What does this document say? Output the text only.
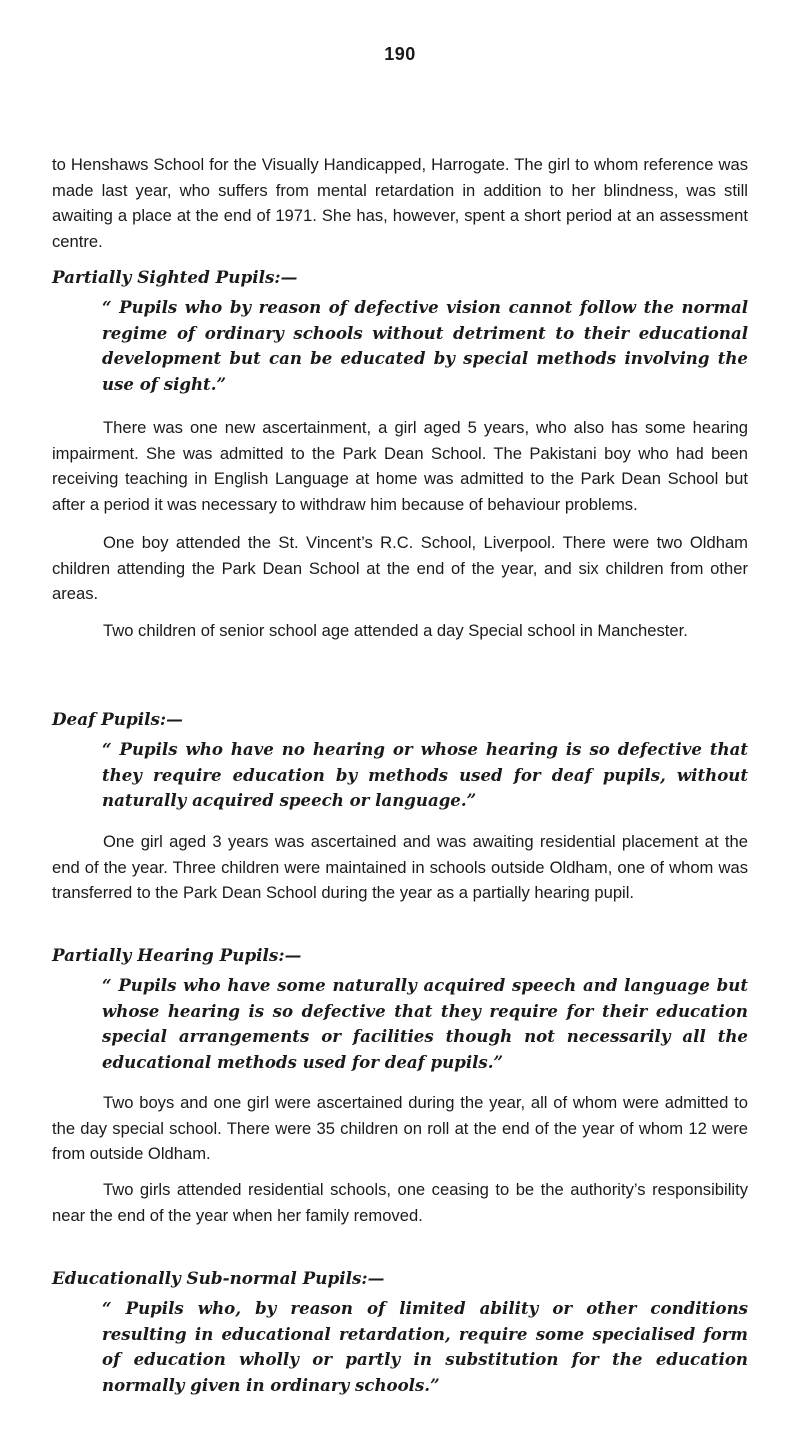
190

to Henshaws School for the Visually Handicapped, Harrogate. The girl to whom reference was made last year, who suffers from mental retardation in addition to her blindness, was still awaiting a place at the end of 1971. She has, however, spent a short period at an assessment centre.

Partially Sighted Pupils:—

“ Pupils who by reason of defective vision cannot follow the normal regime of ordinary schools without detriment to their educational development but can be educated by special methods involving the use of sight.”

There was one new ascertainment, a girl aged 5 years, who also has some hearing impairment. She was admitted to the Park Dean School. The Pakistani boy who had been receiving teaching in English Language at home was admitted to the Park Dean School but after a period it was necessary to withdraw him because of behaviour problems.

One boy attended the St. Vincent’s R.C. School, Liverpool. There were two Oldham children attending the Park Dean School at the end of the year, and six children from other areas.

Two children of senior school age attended a day Special school in Manchester.

Deaf Pupils:—

“ Pupils who have no hearing or whose hearing is so defective that they require education by methods used for deaf pupils, without naturally acquired speech or language.”

One girl aged 3 years was ascertained and was awaiting residential placement at the end of the year. Three children were maintained in schools outside Oldham, one of whom was transferred to the Park Dean School during the year as a partially hearing pupil.

Partially Hearing Pupils:—

“ Pupils who have some naturally acquired speech and language but whose hearing is so defective that they require for their education special arrangements or facilities though not necessarily all the educational methods used for deaf pupils.”

Two boys and one girl were ascertained during the year, all of whom were admitted to the day special school. There were 35 children on roll at the end of the year of whom 12 were from outside Oldham.

Two girls attended residential schools, one ceasing to be the authority’s responsibility near the end of the year when her family removed.

Educationally Sub-normal Pupils:—

“ Pupils who, by reason of limited ability or other conditions resulting in educational retardation, require some specialised form of education wholly or partly in substitution for the education normally given in ordinary schools.”
